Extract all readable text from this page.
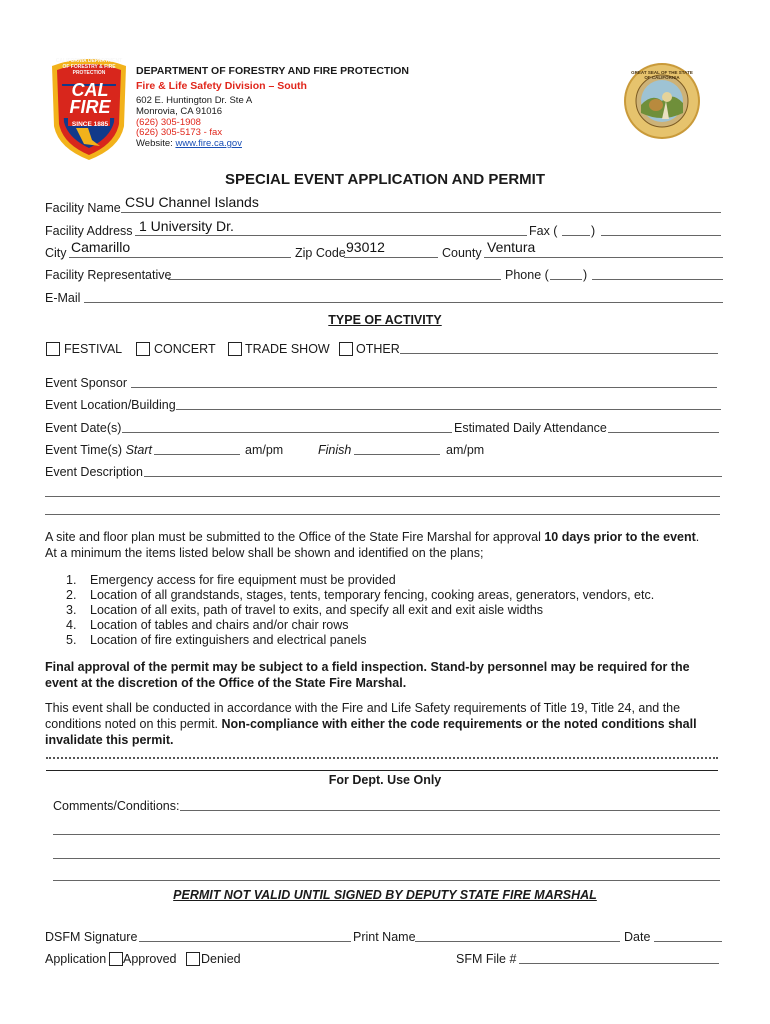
CALIFORNIA DEPARTMENT OF FORESTRY & FIRE PROTECTION
CAL
FIRE
SINCE 1885
DEPARTMENT OF FORESTRY AND FIRE PROTECTION
Fire & Life Safety Division – South
602 E. Huntington Dr. Ste A
Monrovia, CA 91016
(626) 305-1908
(626) 305-5173 - fax
Website: www.fire.ca.gov
GREAT SEAL OF THE STATE OF CALIFORNIA
SPECIAL EVENT APPLICATION AND PERMIT
Facility Name CSU Channel Islands
Facility Address 1 University Dr.	Fax (	)
City Camarillo	Zip Code 93012	County Ventura
Facility Representative	Phone (	)
E-Mail
TYPE OF ACTIVITY
FESTIVAL	CONCERT TRADE SHOW OTHER
Event Sponsor
Event Location/Building
Event Date(s)	Estimated Daily Attendance
Event Time(s) Start	am/pm	Finish	am/pm
Event Description
A site and floor plan must be submitted to the Office of the State Fire Marshal for approval 10 days prior to the event.
At a minimum the items listed below shall be shown and identified on the plans;
1. Emergency access for fire equipment must be provided
2. Location of all grandstands, stages, tents, temporary fencing, cooking areas, generators, vendors, etc.
3. Location of all exits, path of travel to exits, and specify all exit and exit aisle widths
4. Location of tables and chairs and/or chair rows
5. Location of fire extinguishers and electrical panels
Final approval of the permit may be subject to a field inspection. Stand-by personnel may be required for the
event at the discretion of the Office of the State Fire Marshal.
This event shall be conducted in accordance with the Fire and Life Safety requirements of Title 19, Title 24, and the
conditions noted on this permit. Non-compliance with either the code requirements or the noted conditions shall
invalidate this permit.
For Dept. Use Only
Comments/Conditions:
PERMIT NOT VALID UNTIL SIGNED BY DEPUTY STATE FIRE MARSHAL
DSFM Signature	Print Name	Date
Application Approved Denied	SFM File #
